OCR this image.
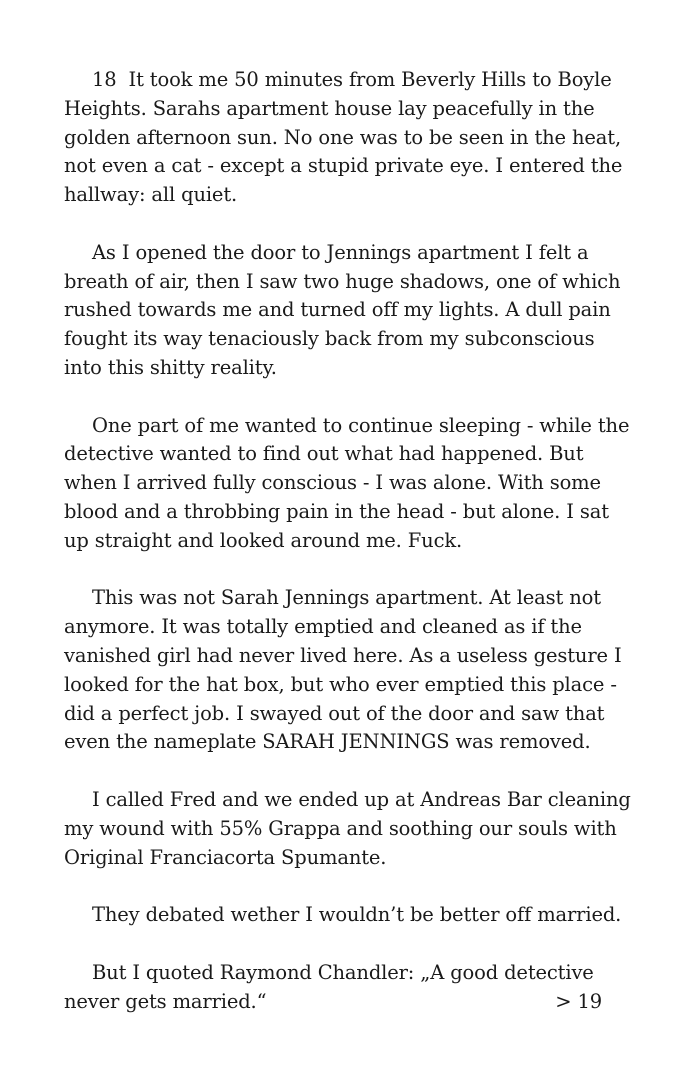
18 It took me 50 minutes from Beverly Hills to Boyle Heights. Sarahs apartment house lay peacefully in the golden afternoon sun. No one was to be seen in the heat, not even a cat - except a stupid private eye. I entered the hallway: all quiet.

As I opened the door to Jennings apartment I felt a breath of air, then I saw two huge shadows, one of which rushed towards me and turned off my lights. A dull pain fought its way tenaciously back from my subconscious into this shitty reality.

One part of me wanted to continue sleeping - while the detective wanted to find out what had happened. But when I arrived fully conscious - I was alone. With some blood and a throbbing pain in the head - but alone. I sat up straight and looked around me. Fuck.

This was not Sarah Jennings apartment. At least not anymore. It was totally emptied and cleaned as if the vanished girl had never lived here. As a useless gesture I looked for the hat box, but who ever emptied this place - did a perfect job. I swayed out of the door and saw that even the nameplate SARAH JENNINGS was removed.

I called Fred and we ended up at Andreas Bar cleaning my wound with 55% Grappa and soothing our souls with Original Franciacorta Spumante.

They debated wether I wouldn’t be better off married.

But I quoted Raymond Chandler: „A good detective never gets married.“	> 19
